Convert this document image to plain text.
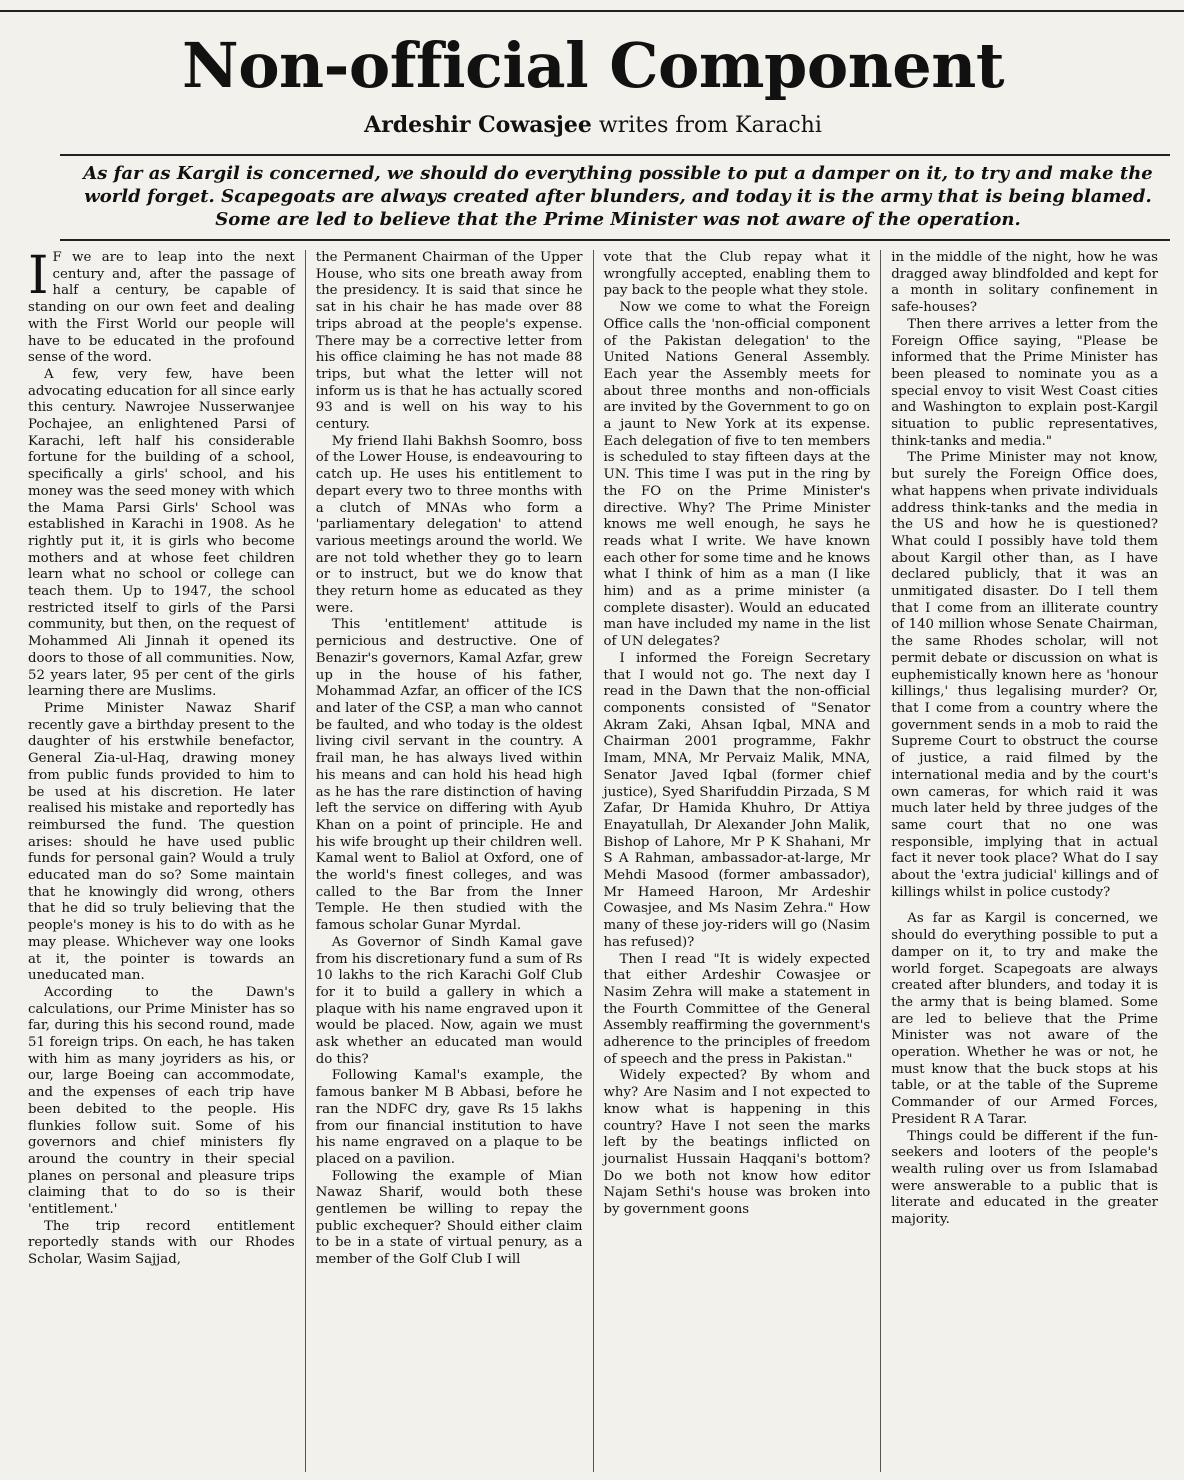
Non-official Component
Ardeshir Cowasjee writes from Karachi
As far as Kargil is concerned, we should do everything possible to put a damper on it, to try and make the world forget. Scapegoats are always created after blunders, and today it is the army that is being blamed. Some are led to believe that the Prime Minister was not aware of the operation.

I F we are to leap into the next century and, after the passage of half a century, be capable of standing on our own feet and dealing with the First World our people will have to be educated in the profound sense of the word.

A few, very few, have been advocating education for all since early this century. Nawrojee Nusserwanjee Pochajee, an enlightened Parsi of Karachi, left half his considerable fortune for the building of a school, specifically a girls' school, and his money was the seed money with which the Mama Parsi Girls' School was established in Karachi in 1908. As he rightly put it, it is girls who become mothers and at whose feet children learn what no school or college can teach them. Up to 1947, the school restricted itself to girls of the Parsi community, but then, on the request of Mohammed Ali Jinnah it opened its doors to those of all communities. Now, 52 years later, 95 per cent of the girls learning there are Muslims.

Prime Minister Nawaz Sharif recently gave a birthday present to the daughter of his erstwhile benefactor, General Zia-ul-Haq, drawing money from public funds provided to him to be used at his discretion. He later realised his mistake and reportedly has reimbursed the fund. The question arises: should he have used public funds for personal gain? Would a truly educated man do so? Some maintain that he knowingly did wrong, others that he did so truly believing that the people's money is his to do with as he may please. Whichever way one looks at it, the pointer is towards an uneducated man.

According to the Dawn's calculations, our Prime Minister has so far, during this his second round, made 51 foreign trips. On each, he has taken with him as many joyriders as his, or our, large Boeing can accommodate, and the expenses of each trip have been debited to the people. His flunkies follow suit. Some of his governors and chief ministers fly around the country in their special planes on personal and pleasure trips claiming that to do so is their 'entitlement.'

The trip record entitlement reportedly stands with our Rhodes Scholar, Wasim Sajjad,

the Permanent Chairman of the Upper House, who sits one breath away from the presidency. It is said that since he sat in his chair he has made over 88 trips abroad at the people's expense. There may be a corrective letter from his office claiming he has not made 88 trips, but what the letter will not inform us is that he has actually scored 93 and is well on his way to his century.

My friend Ilahi Bakhsh Soomro, boss of the Lower House, is endeavouring to catch up. He uses his entitlement to depart every two to three months with a clutch of MNAs who form a 'parliamentary delegation' to attend various meetings around the world. We are not told whether they go to learn or to instruct, but we do know that they return home as educated as they were.

This 'entitlement' attitude is pernicious and destructive. One of Benazir's governors, Kamal Azfar, grew up in the house of his father, Mohammad Azfar, an officer of the ICS and later of the CSP, a man who cannot be faulted, and who today is the oldest living civil servant in the country. A frail man, he has always lived within his means and can hold his head high as he has the rare distinction of having left the service on differing with Ayub Khan on a point of principle. He and his wife brought up their children well. Kamal went to Baliol at Oxford, one of the world's finest colleges, and was called to the Bar from the Inner Temple. He then studied with the famous scholar Gunar Myrdal.

As Governor of Sindh Kamal gave from his discretionary fund a sum of Rs 10 lakhs to the rich Karachi Golf Club for it to build a gallery in which a plaque with his name engraved upon it would be placed. Now, again we must ask whether an educated man would do this?

Following Kamal's example, the famous banker M B Abbasi, before he ran the NDFC dry, gave Rs 15 lakhs from our financial institution to have his name engraved on a plaque to be placed on a pavilion.

Following the example of Mian Nawaz Sharif, would both these gentlemen be willing to repay the public exchequer? Should either claim to be in a state of virtual penury, as a member of the Golf Club I will

vote that the Club repay what it wrongfully accepted, enabling them to pay back to the people what they stole.

Now we come to what the Foreign Office calls the 'non-official component of the Pakistan delegation' to the United Nations General Assembly. Each year the Assembly meets for about three months and non-officials are invited by the Government to go on a jaunt to New York at its expense. Each delegation of five to ten members is scheduled to stay fifteen days at the UN. This time I was put in the ring by the FO on the Prime Minister's directive. Why? The Prime Minister knows me well enough, he says he reads what I write. We have known each other for some time and he knows what I think of him as a man (I like him) and as a prime minister (a complete disaster). Would an educated man have included my name in the list of UN delegates?

I informed the Foreign Secretary that I would not go. The next day I read in the Dawn that the non-official components consisted of "Senator Akram Zaki, Ahsan Iqbal, MNA and Chairman 2001 programme, Fakhr Imam, MNA, Mr Pervaiz Malik, MNA, Senator Javed Iqbal (former chief justice), Syed Sharifuddin Pirzada, S M Zafar, Dr Hamida Khuhro, Dr Attiya Enayatullah, Dr Alexander John Malik, Bishop of Lahore, Mr P K Shahani, Mr S A Rahman, ambassador-at-large, Mr Mehdi Masood (former ambassador), Mr Hameed Haroon, Mr Ardeshir Cowasjee, and Ms Nasim Zehra." How many of these joy-riders will go (Nasim has refused)?

Then I read "It is widely expected that either Ardeshir Cowasjee or Nasim Zehra will make a statement in the Fourth Committee of the General Assembly reaffirming the government's adherence to the principles of freedom of speech and the press in Pakistan."

Widely expected? By whom and why? Are Nasim and I not expected to know what is happening in this country? Have I not seen the marks left by the beatings inflicted on journalist Hussain Haqqani's bottom? Do we both not know how editor Najam Sethi's house was broken into by government goons

in the middle of the night, how he was dragged away blindfolded and kept for a month in solitary confinement in safe-houses?

Then there arrives a letter from the Foreign Office saying, "Please be informed that the Prime Minister has been pleased to nominate you as a special envoy to visit West Coast cities and Washington to explain post-Kargil situation to public representatives, think-tanks and media."

The Prime Minister may not know, but surely the Foreign Office does, what happens when private individuals address think-tanks and the media in the US and how he is questioned? What could I possibly have told them about Kargil other than, as I have declared publicly, that it was an unmitigated disaster. Do I tell them that I come from an illiterate country of 140 million whose Senate Chairman, the same Rhodes scholar, will not permit debate or discussion on what is euphemistically known here as 'honour killings,' thus legalising murder? Or, that I come from a country where the government sends in a mob to raid the Supreme Court to obstruct the course of justice, a raid filmed by the international media and by the court's own cameras, for which raid it was much later held by three judges of the same court that no one was responsible, implying that in actual fact it never took place? What do I say about the 'extra judicial' killings and of killings whilst in police custody?

As far as Kargil is concerned, we should do everything possible to put a damper on it, to try and make the world forget. Scapegoats are always created after blunders, and today it is the army that is being blamed. Some are led to believe that the Prime Minister was not aware of the operation. Whether he was or not, he must know that the buck stops at his table, or at the table of the Supreme Commander of our Armed Forces, President R A Tarar.

Things could be different if the fun-seekers and looters of the people's wealth ruling over us from Islamabad were answerable to a public that is literate and educated in the greater majority.
